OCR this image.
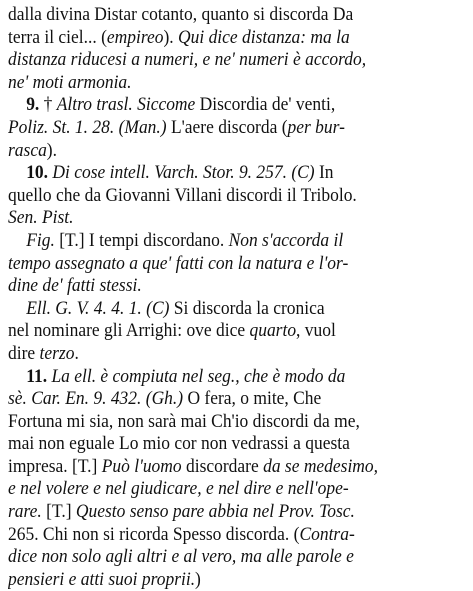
dalla divina Distar cotanto, quanto si discorda Da
terra il ciel... (empireo). Qui dice distanza: ma la
distanza riducesi a numeri, e ne' numeri è accordo,
ne' moti armonia.
9. † Altro trasl. Siccome Discordia de' venti,
Poliz. St. 1. 28. (Man.) L'aere discorda (per bur-
rasca).
10. Di cose intell. Varch. Stor. 9. 257. (C) In
quello che da Giovanni Villani discordi il Tribolo.
Sen. Pist.
Fig. [T.] I tempi discordano. Non s'accorda il
tempo assegnato a que' fatti con la natura e l'or-
dine de' fatti stessi.
Ell. G. V. 4. 4. 1. (C) Si discorda la cronica
nel nominare gli Arrighi: ove dice quarto, vuol
dire terzo.
11. La ell. è compiuta nel seg., che è modo da
sè. Car. En. 9. 432. (Gh.) O fera, o mite, Che
Fortuna mi sia, non sarà mai Ch'io discordi da me,
mai non eguale Lo mio cor non vedrassi a questa
impresa. [T.] Può l'uomo discordare da se medesimo,
e nel volere e nel giudicare, e nel dire e nell'ope-
rare. [T.] Questo senso pare abbia nel Prov. Tosc.
265. Chi non si ricorda Spesso discorda. (Contra-
dice non solo agli altri e al vero, ma alle parole e
pensieri e atti suoi proprii.)
